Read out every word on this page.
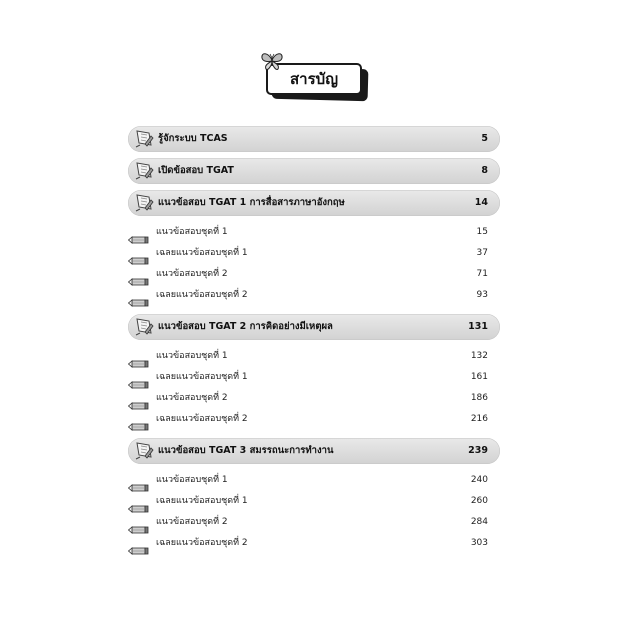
สารบัญ
รู้จักระบบ TCAS	5
เปิดข้อสอบ TGAT	8
แนวข้อสอบ TGAT 1 การสื่อสารภาษาอังกฤษ	14
แนวข้อสอบชุดที่ 1	15
เฉลยแนวข้อสอบชุดที่ 1	37
แนวข้อสอบชุดที่ 2	71
เฉลยแนวข้อสอบชุดที่ 2	93
แนวข้อสอบ TGAT 2 การคิดอย่างมีเหตุผล	131
แนวข้อสอบชุดที่ 1	132
เฉลยแนวข้อสอบชุดที่ 1	161
แนวข้อสอบชุดที่ 2	186
เฉลยแนวข้อสอบชุดที่ 2	216
แนวข้อสอบ TGAT 3 สมรรถนะการทำงาน	239
แนวข้อสอบชุดที่ 1	240
เฉลยแนวข้อสอบชุดที่ 1	260
แนวข้อสอบชุดที่ 2	284
เฉลยแนวข้อสอบชุดที่ 2	303
